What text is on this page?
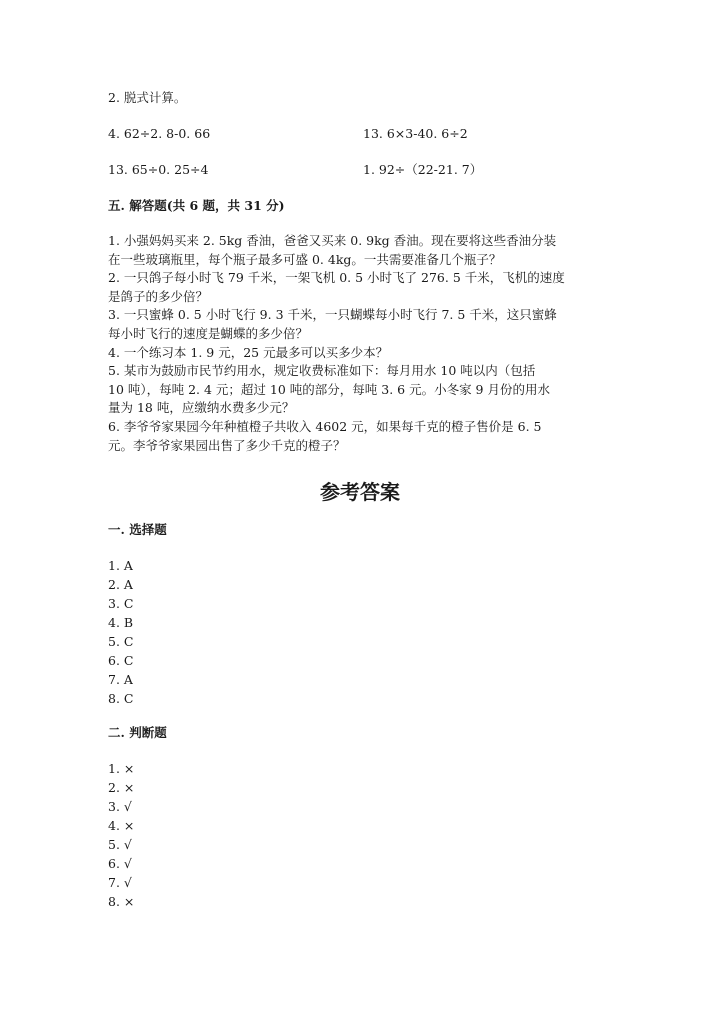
2. 脱式计算。
4. 62÷2. 8-0. 66	13. 6×3-40. 6÷2
13. 65÷0. 25÷4	1. 92÷（22-21. 7）
五. 解答题(共 6 题，共 31 分)
1. 小强妈妈买来 2. 5kg 香油，爸爸又买来 0. 9kg 香油。现在要将这些香油分装
在一些玻璃瓶里，每个瓶子最多可盛 0. 4kg。一共需要准备几个瓶子？
2. 一只鸽子每小时飞 79 千米，一架飞机 0. 5 小时飞了 276. 5 千米，飞机的速度
是鸽子的多少倍？
3. 一只蜜蜂 0. 5 小时飞行 9. 3 千米，一只蝴蝶每小时飞行 7. 5 千米，这只蜜蜂
每小时飞行的速度是蝴蝶的多少倍？
4. 一个练习本 1. 9 元，25 元最多可以买多少本？
5. 某市为鼓励市民节约用水，规定收费标准如下：每月用水 10 吨以内（包括
10 吨），每吨 2. 4 元；超过 10 吨的部分，每吨 3. 6 元。小冬家 9 月份的用水
量为 18 吨，应缴纳水费多少元？
6. 李爷爷家果园今年种植橙子共收入 4602 元，如果每千克的橙子售价是 6. 5
元。李爷爷家果园出售了多少千克的橙子？
参考答案
一. 选择题
1. A
2. A
3. C
4. B
5. C
6. C
7. A
8. C
二. 判断题
1. ×
2. ×
3. √
4. ×
5. √
6. √
7. √
8. ×
